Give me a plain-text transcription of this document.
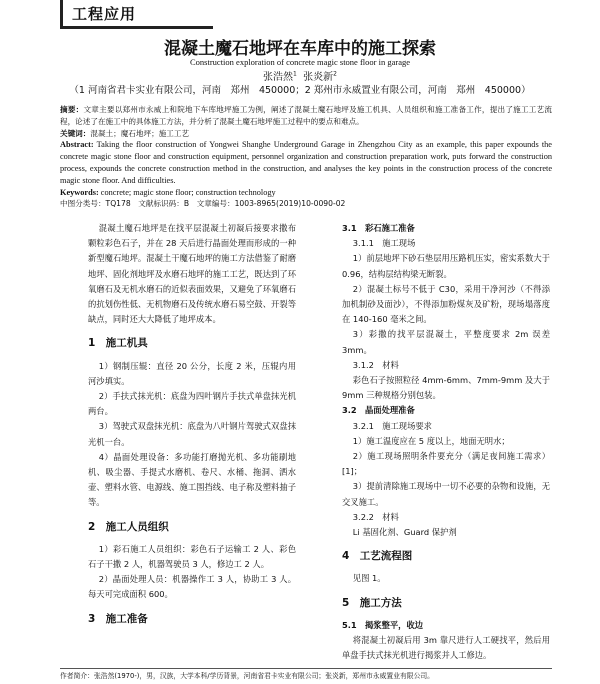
工程应用
混凝土魔石地坪在车库中的施工探索
Construction exploration of concrete magic stone floor in garage
张浩然$^1$ 张炎新$^2$
（1 河南省君卡实业有限公司，河南　郑州　450000；2 郑州市永威置业有限公司，河南　郑州　450000）

摘要：文章主要以郑州市永威上和院地下车库地坪施工为例，阐述了混凝土魔石地坪及施工机具、人员组织和施工准备工作，提出了施工工艺流程，论述了在施工中的具体施工方法，并分析了混凝土魔石地坪施工过程中的要点和难点。

关键词：混凝土；魔石地坪；施工工艺

Abstract: Taking the floor construction of Yongwei Shanghe Underground Garage in Zhengzhou City as an example, this paper expounds the concrete magic stone floor and construction equipment, personnel organization and construction preparation work, puts forward the construction process, expounds the concrete construction method in the construction, and analyses the key points in the construction process of the concrete magic stone floor. And difficulties.

Keywords: concrete; magic stone floor; construction technology

中图分类号：TQ178　文献标识码：B　文章编号：1003-8965(2019)10-0090-02

混凝土魔石地坪是在找平层混凝土初凝后接要求撒布颗粒彩色石子，并在 28 天后进行晶面处理而形成的一种新型魔石地坪。混凝土干魔石地坪的施工方法借鉴了耐磨地坪、固化剂地坪及水磨石地坪的施工工艺，既达到了环氧磨石及无机水磨石的近似表面效果，又避免了环氧磨石的抗划伤性低、无机物磨石及传统水磨石易空鼓、开裂等缺点，同时还大大降低了地坪成本。

1　施工机具

1）钢制压辊：直径 20 公分，长度 2 米，压辊内用河沙填实。

2）手扶式抹光机：底盘为四叶钢片手扶式单盘抹光机两台。

3）驾驶式双盘抹光机：底盘为八叶钢片驾驶式双盘抹光机一台。

4）晶面处理设备：多功能打磨抛光机、多功能刷地机、吸尘器、手提式水磨机、卷尺、水桶、拖洞、洒水壶、塑料水管、电源线、施工围挡线、电子称及塑料抽子等。

2　施工人员组织

1）彩石施工人员组织：彩色石子运输工 2 人、彩色石子干撒 2 人，机器驾驶员 3 人，修边工 2 人。

2）晶面处理人员：机器操作工 3 人，协助工 3 人。每天可完成面积 600。

3　施工准备

3.1　彩石施工准备

3.1.1　施工现场

1）前层地坪下砂石垫层用压路机压实，密实系数大于 0.96，结构层结构梁无断裂。

2）混凝土标号不低于 C30，采用干净河沙（不得添加机制砂及面沙），不得添加粉煤灰及矿粉，现场塌落度在 140-160 毫米之间。

3）彩撒的找平层混凝土，平整度要求 2m 误差 3mm。

3.1.2　材料

彩色石子按照粒径 4mm-6mm、7mm-9mm 及大于 9mm 三种规格分别包装。

3.2　晶面处理准备

3.2.1　施工现场要求

1）施工温度应在 5 度以上，地面无明水；

2）施工现场照明条件要充分（满足夜间施工需求）[1]；

3）提前清除施工现场中一切不必要的杂物和设施，无交叉施工。

3.2.2　材料

Li 基固化剂、Guard 保护剂

4　工艺流程图

见图 1。

5　施工方法

5.1　揭浆整平，收边

将混凝土初凝后用 3m 靠尺进行人工硬找平，然后用单盘手扶式抹光机进行揭浆并人工修边。

作者简介：张浩然(1970-)，男，汉族，大学本科/学历背景，河南省君卡实业有限公司；张炎新，郑州市永威置业有限公司。
